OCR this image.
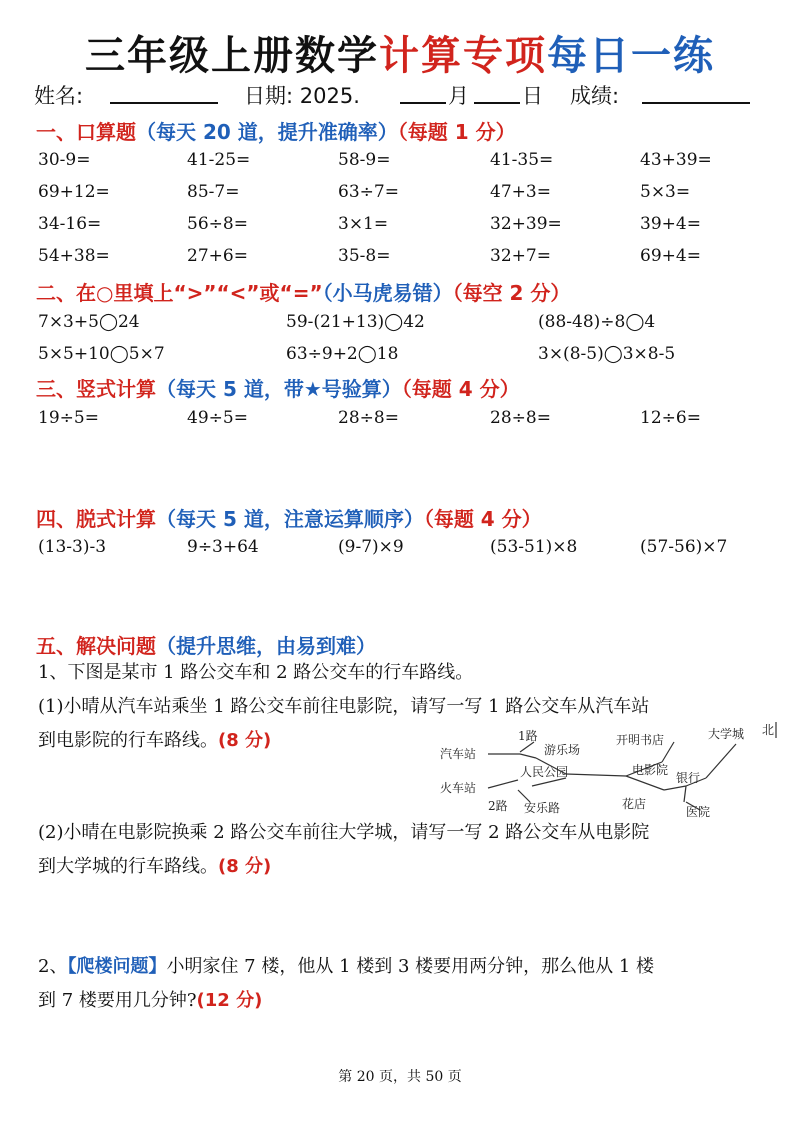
三年级上册数学计算专项每日一练
姓名:	日期: 2025.	月	日 成绩:
一、口算题（每天 20 道，提升准确率）（每题 1 分）
30-9=	41-25=	58-9=	41-35=	43+39=
69+12=	85-7=	63÷7=	47+3=	5×3=
34-16=	56÷8=	3×1=	32+39=	39+4=
54+38=	27+6=	35-8=	32+7=	69+4=
二、在○里填上“>”“<”或“=”（小马虎易错）（每空 2 分）
7×3+5◯24	59-(21+13)◯42	(88-48)÷8◯4
5×5+10◯5×7	63÷9+2◯18	3×(8-5)◯3×8-5
三、竖式计算（每天 5 道，带★号验算）（每题 4 分）
19÷5=	49÷5=	28÷8=	28÷8=	12÷6=
四、脱式计算（每天 5 道，注意运算顺序）（每题 4 分）
(13-3)-3	9÷3+64	(9-7)×9	(53-51)×8	(57-56)×7
五、解决问题（提升思维，由易到难）
1、下图是某市 1 路公交车和 2 路公交车的行车路线。
(1)小晴从汽车站乘坐 1 路公交车前往电影院，请写一写 1 路公交车从汽车站
到电影院的行车路线。(8 分)
汽车站
1路
游乐场
开明书店	大学城 北
火车站
人民公园	电影院
银行
2路 安乐路	花店
医院
(2)小晴在电影院换乘 2 路公交车前往大学城，请写一写 2 路公交车从电影院
到大学城的行车路线。(8 分)
2、【爬楼问题】小明家住 7 楼，他从 1 楼到 3 楼要用两分钟，那么他从 1 楼
到 7 楼要用几分钟?(12 分)
第 20 页，共 50 页
